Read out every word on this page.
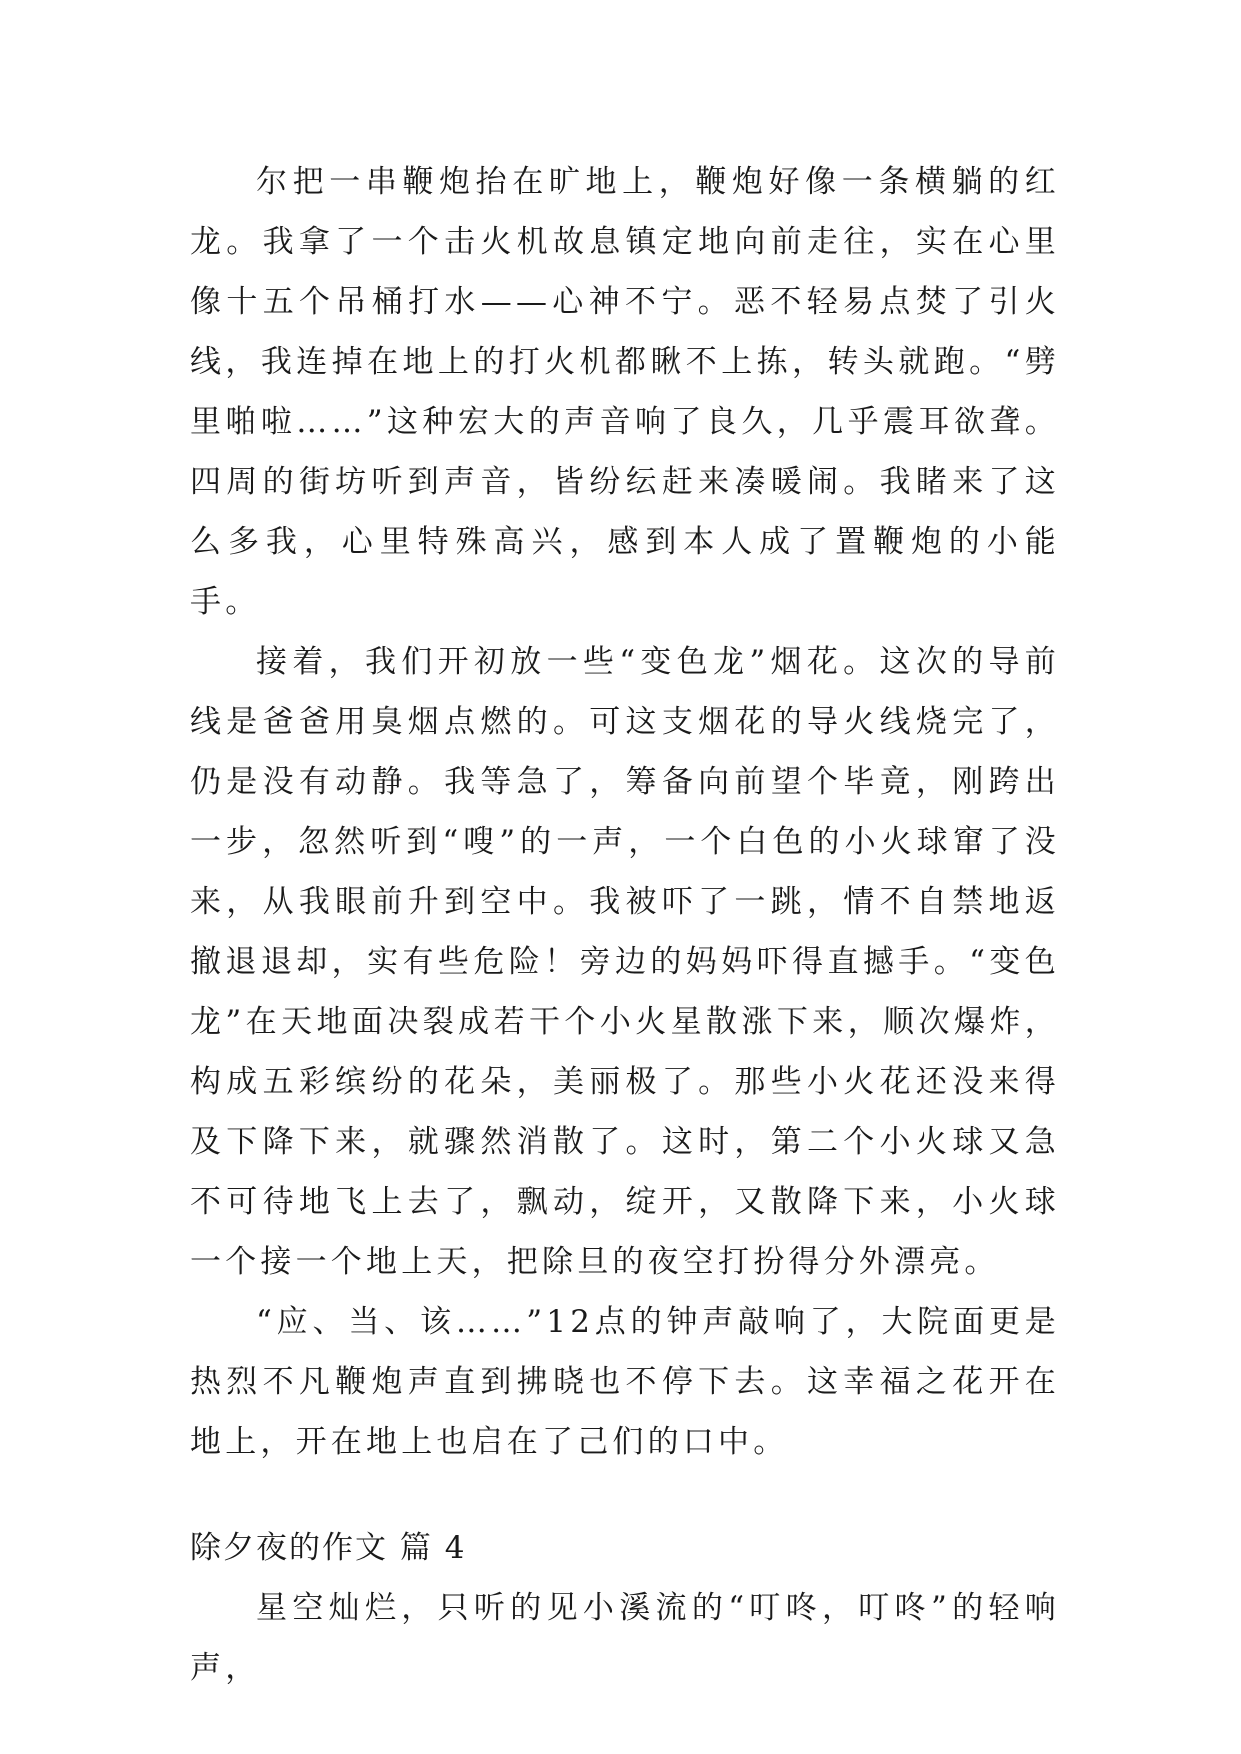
尔把一串鞭炮抬在旷地上，鞭炮好像一条横躺的红龙。我拿了一个击火机故息镇定地向前走往，实在心里像十五个吊桶打水——心神不宁。恶不轻易点焚了引火线，我连掉在地上的打火机都瞅不上拣，转头就跑。“劈里啪啦……”这种宏大的声音响了良久，几乎震耳欲聋。四周的街坊听到声音，皆纷纭赶来凑暖闹。我睹来了这么多我，心里特殊高兴，感到本人成了置鞭炮的小能手。

接着，我们开初放一些“变色龙”烟花。这次的导前线是爸爸用臭烟点燃的。可这支烟花的导火线烧完了，仍是没有动静。我等急了，筹备向前望个毕竟，刚跨出一步，忽然听到“嗖”的一声，一个白色的小火球窜了没来，从我眼前升到空中。我被吓了一跳，情不自禁地返撤退退却，实有些危险！旁边的妈妈吓得直撼手。“变色龙”在天地面决裂成若干个小火星散涨下来，顺次爆炸，构成五彩缤纷的花朵，美丽极了。那些小火花还没来得及下降下来，就骤然消散了。这时，第二个小火球又急不可待地飞上去了，飘动，绽开，又散降下来，小火球一个接一个地上天，把除旦的夜空打扮得分外漂亮。

“应、当、该……”12点的钟声敲响了，大院面更是热烈不凡鞭炮声直到拂晓也不停下去。这幸福之花开在地上，开在地上也启在了己们的口中。

除夕夜的作文 篇 4

星空灿烂，只听的见小溪流的“叮咚，叮咚”的轻响声，
